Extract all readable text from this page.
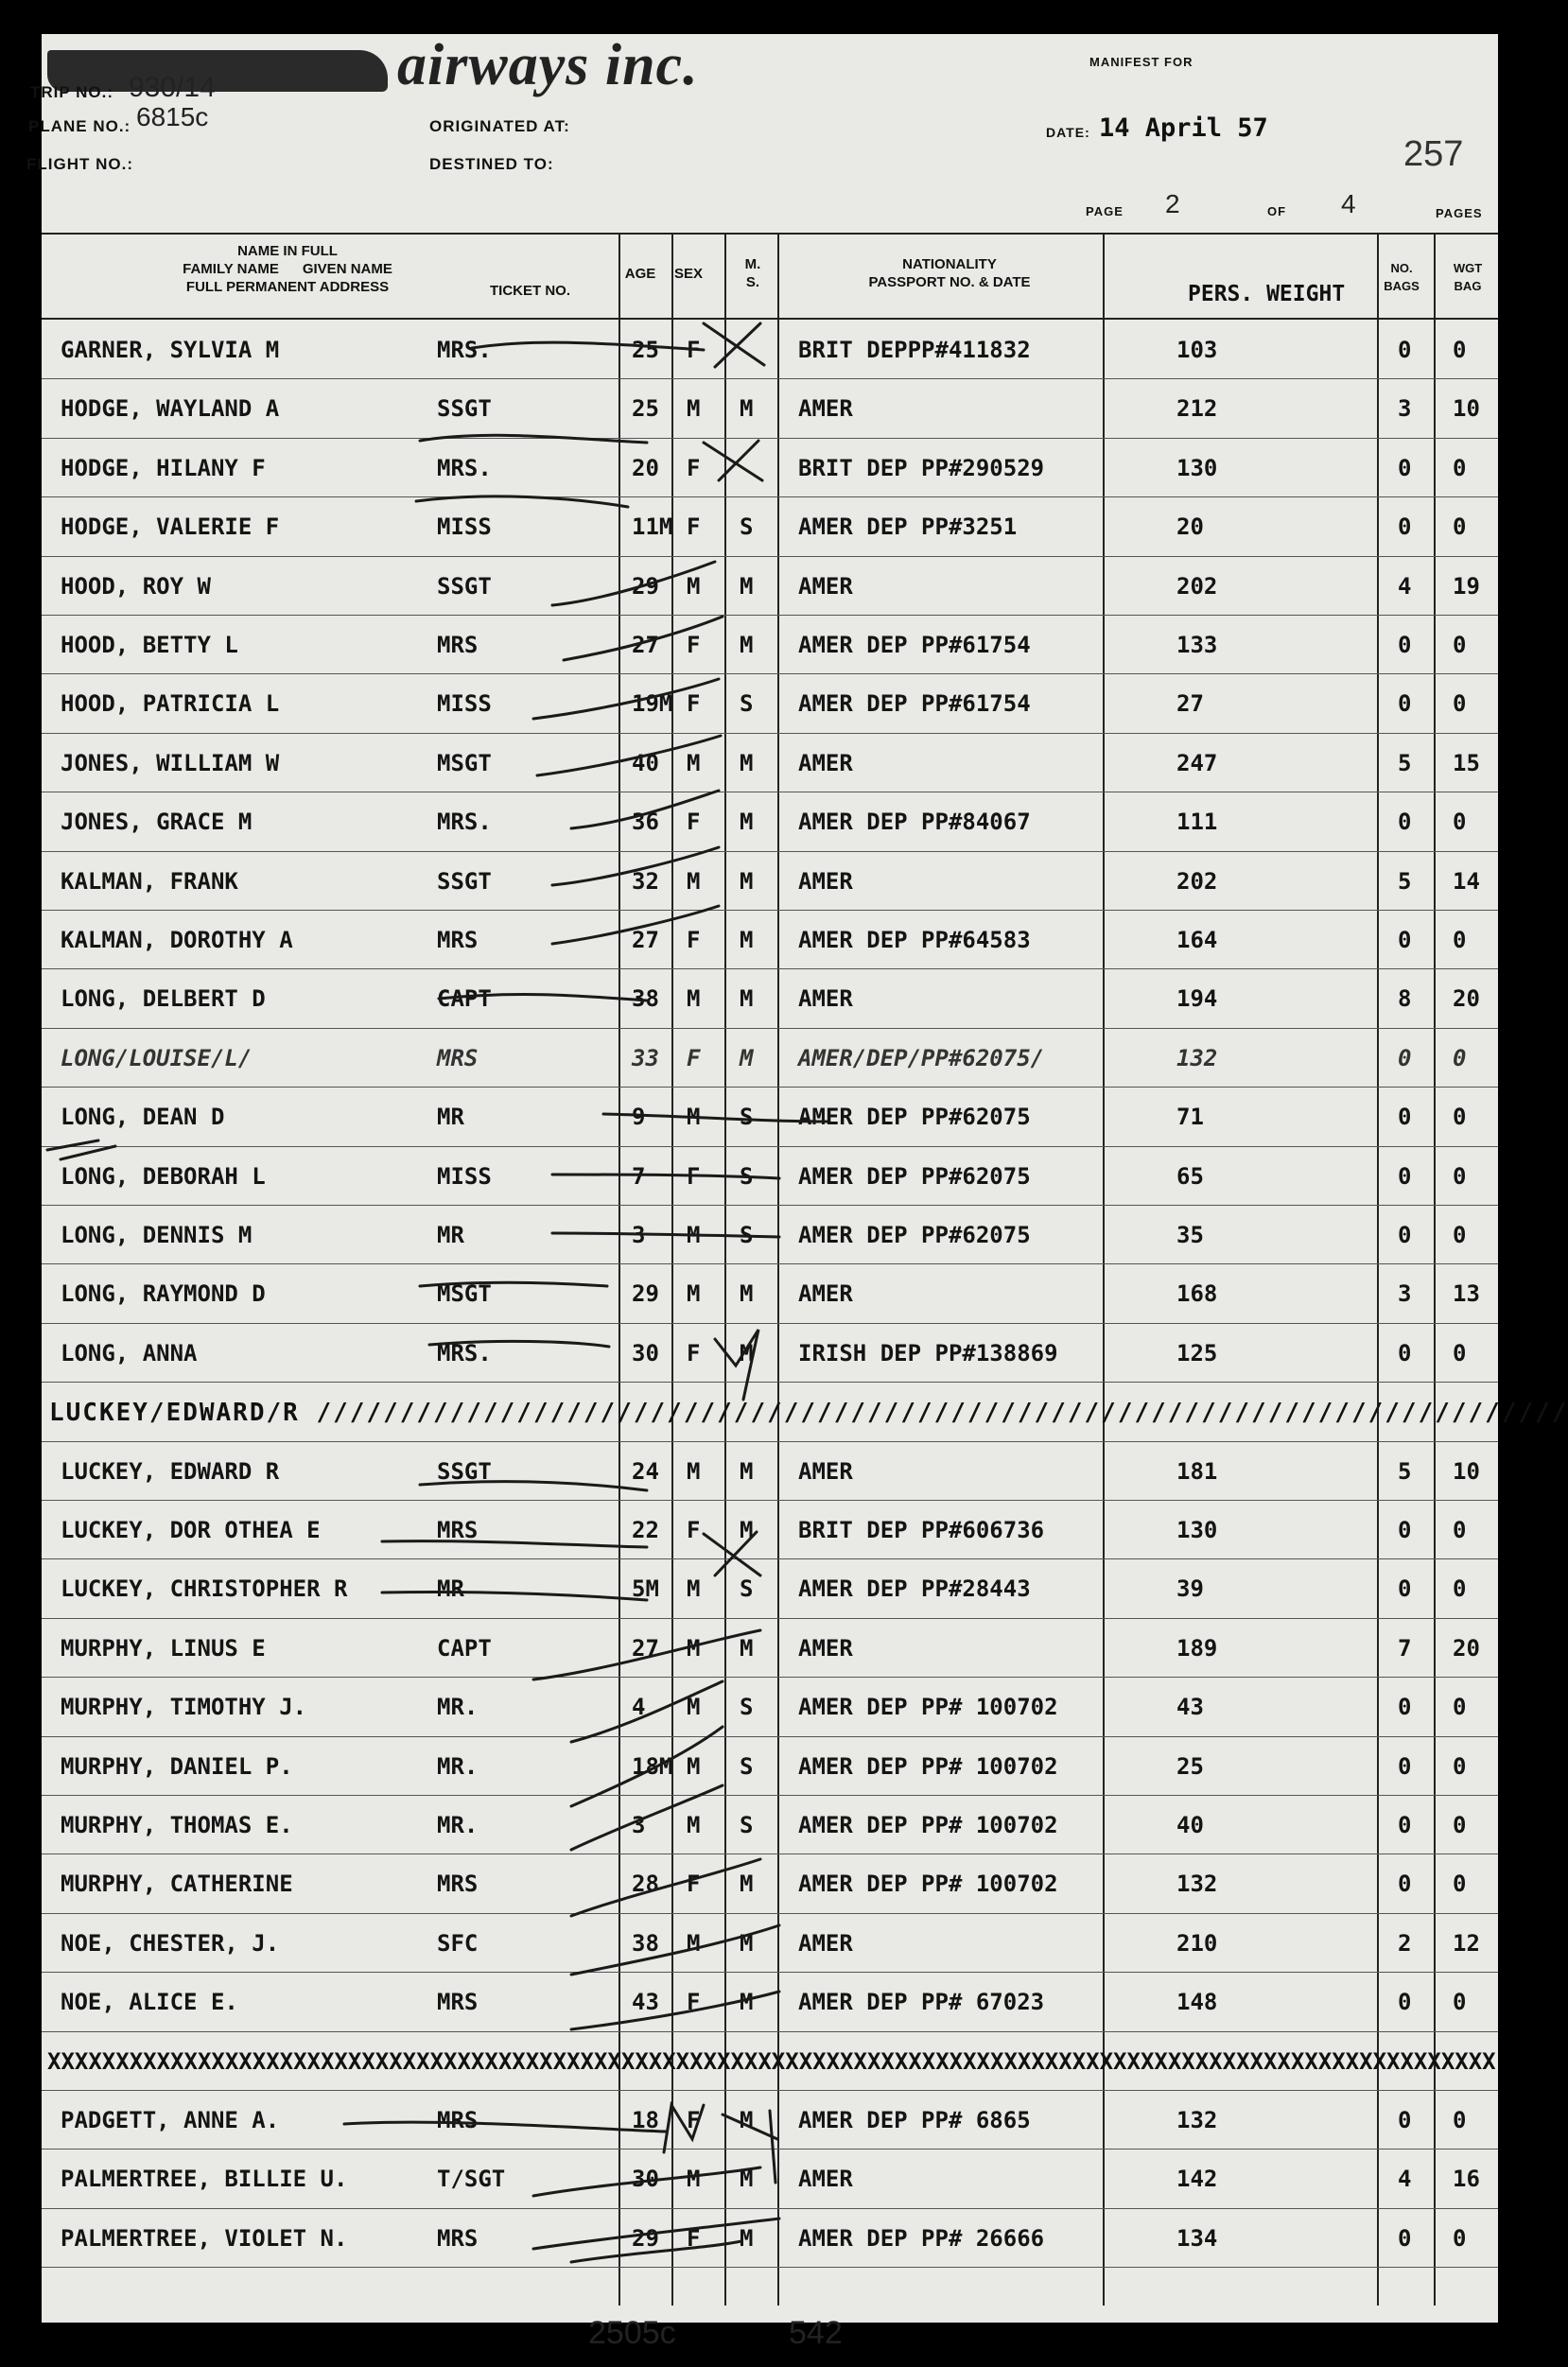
airways inc.	MANIFEST FOR
TRIP NO.: 930/14
PLANE NO.: 6815c
FLIGHT NO.:
ORIGINATED AT:
DESTINED TO:
DATE: 14 April 57
257
PAGE 2	OF 4	PAGES
NAME IN FULL
FAMILY NAME GIVEN NAME
FULL PERMANENT ADDRESS	TICKET NO.
AGE	SEX
M.
S.
NATIONALITY
PASSPORT NO. & DATE	PERS. WEIGHT
NO.
BAGS
WGT
BAG
GARNER, SYLVIA M	MRS.	25 F	BRIT DEPPP#411832	103	0 0
HODGE, WAYLAND A	SSGT	25 M M AMER	212	3 10
HODGE, HILANY F	MRS.	20 F	BRIT DEP PP#290529	130	0 0
HODGE, VALERIE F	MISS	11M F S AMER DEP PP#3251	20	0 0
HOOD, ROY W	SSGT	29 M M AMER	202	4 19
HOOD, BETTY L	MRS	27 F M AMER DEP PP#61754	133	0 0
HOOD, PATRICIA L	MISS	19M F S AMER DEP PP#61754	27	0 0
JONES, WILLIAM W	MSGT	40 M M AMER	247	5 15
JONES, GRACE M	MRS.	36 F M AMER DEP PP#84067	111	0 0
KALMAN, FRANK	SSGT	32 M M AMER	202	5 14
KALMAN, DOROTHY A	MRS	27 F M AMER DEP PP#64583	164	0 0
LONG, DELBERT D	CAPT	38 M M AMER	194	8 20
LONG/LOUISE/L/	MRS	33 F M AMER/DEP/PP#62075/	132	0 0
LONG, DEAN D	MR	9 M S AMER DEP PP#62075	71	0 0
LONG, DEBORAH L	MISS	7 F S AMER DEP PP#62075	65	0 0
LONG, DENNIS M	MR	3 M S AMER DEP PP#62075	35	0 0
LONG, RAYMOND D	MSGT	29 M M AMER	168	3 13
LONG, ANNA	MRS.	30 F M IRISH DEP PP#138869	125	0 0
LUCKEY/EDWARD/R ///////////////////////////////////////////////////////////////////////////
LUCKEY, EDWARD R	SSGT	24 M M AMER	181	5 10
LUCKEY, DOR OTHEA E	MRS	22 F M BRIT DEP PP#606736	130	0 0
LUCKEY, CHRISTOPHER R	MR	5M M S AMER DEP PP#28443	39	0 0
MURPHY, LINUS E	CAPT	27 M M AMER	189	7 20
MURPHY, TIMOTHY J.	MR.	4 M S AMER DEP PP# 100702	43	0 0
MURPHY, DANIEL P.	MR.	18M M S AMER DEP PP# 100702	25	0 0
MURPHY, THOMAS E.	MR.	3 M S AMER DEP PP# 100702	40	0 0
MURPHY, CATHERINE	MRS	28 F M AMER DEP PP# 100702	132	0 0
NOE, CHESTER, J.	SFC	38 M M AMER	210	2 12
NOE, ALICE E.	MRS	43 F M AMER DEP PP# 67023	148	0 0
XXXXXXXXXXXXXXXXXXXXXXXXXXXXXXXXXXXXXXXXXXXXXXXXXXXXXXXXXXXXXXXXXXXXXXXXXXXXXXXXXXXXXXXXXXXXXXXXXXXXXXXXXX
PADGETT, ANNE A.	MRS	18 F M AMER DEP PP# 6865	132	0 0
PALMERTREE, BILLIE U.	T/SGT	30 M M AMER	142	4 16
PALMERTREE, VIOLET N.	MRS	29 F M AMER DEP PP# 26666	134	0 0
2505c	542
